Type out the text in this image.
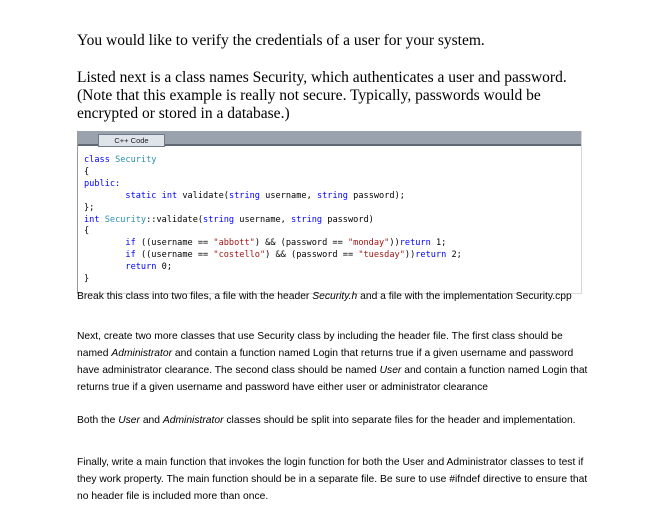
You would like to verify the credentials of a user for your system.

Listed next is a class names Security, which authenticates a user and password. (Note that this example is really not secure. Typically, passwords would be encrypted or stored in a database.)

C++ Code
class Security
{
public:
static int validate(string username, string password);
};
int Security::validate(string username, string password)
{
if ((username == "abbott") && (password == "monday"))return 1;
if ((username == "costello") && (password == "tuesday"))return 2;
return 0;
}

Break this class into two files, a file with the header Security.h and a file with the implementation Security.cpp

Next, create two more classes that use Security class by including the header file. The first class should be named Administrator and contain a function named Login that returns true if a given username and password have administrator clearance. The second class should be named User and contain a function named Login that returns true if a given username and password have either user or administrator clearance

Both the User and Administrator classes should be split into separate files for the header and implementation.

Finally, write a main function that invokes the login function for both the User and Administrator classes to test if they work property. The main function should be in a separate file. Be sure to use #ifndef directive to ensure that no header file is included more than once.
